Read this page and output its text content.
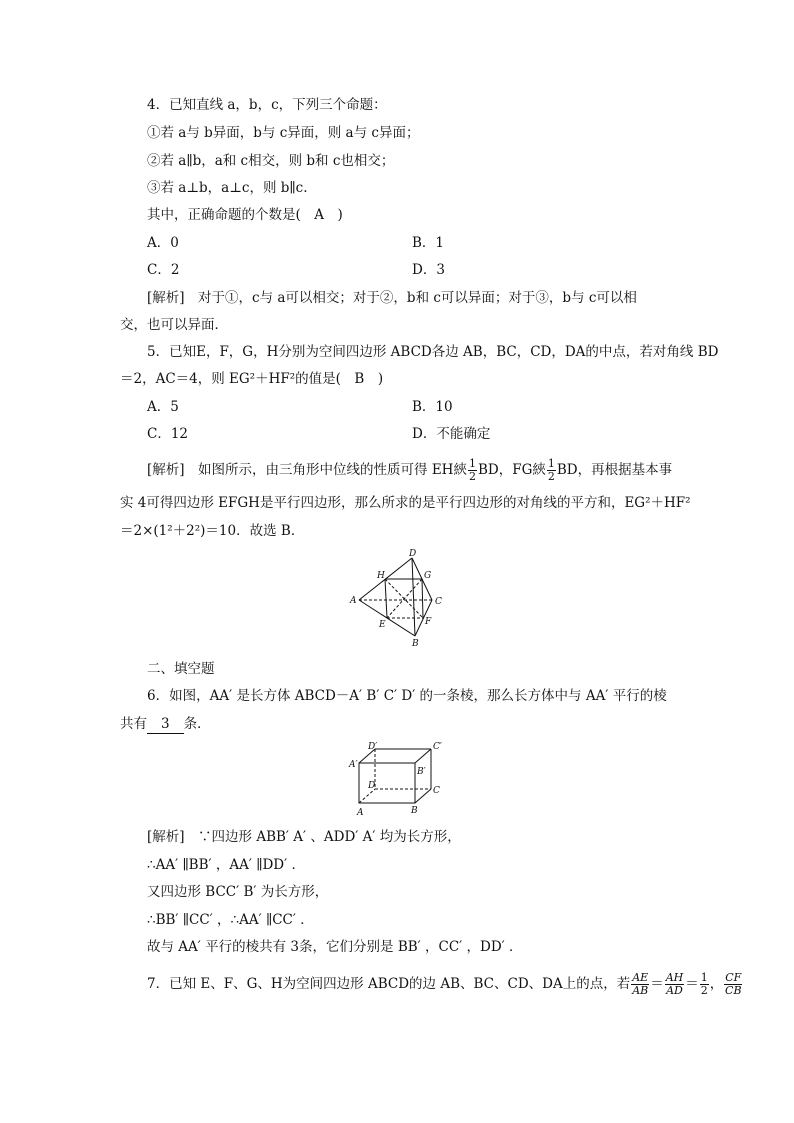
4．已知直线 a，b，c，下列三个命题：
①若 a与 b异面，b与 c异面，则 a与 c异面；
②若 a∥b，a和 c相交，则 b和 c也相交；
③若 a⊥b，a⊥c，则 b∥c.
其中，正确命题的个数是(　A　)
A．0	B．1
C．2	D．3
[解析]　对于①，c与 a可以相交；对于②，b和 c可以异面；对于③，b与 c可以相
交，也可以异面．
5．已知E，F，G，H分别为空间四边形 ABCD各边 AB，BC，CD，DA的中点，若对角线 BD
＝2，AC＝4，则 EG²＋HF²的值是(　B　)
A．5	B．10
C．12	D．不能确定
[解析]　如图所示，由三角形中位线的性质可得 EH綊 $\frac{1}{2}$ BD，FG綊 $\frac{1}{2}$ BD，再根据基本事
实 4可得四边形 EFGH是平行四边形，那么所求的是平行四边形的对角线的平方和，EG²＋HF²
＝2×(1²＋2²)＝10．故选 B．
D
A	C
B
H	G
E	F
二、填空题
6．如图，AA′ 是长方体 ABCD－A′ B′ C′ D′ 的一条棱，那么长方体中与 AA′ 平行的棱
共有 3 条．
D′	C′
A′
B′
D	C
A	B
[解析]　∵四边形 ABB′ A′ 、ADD′ A′ 均为长方形，
∴AA′ ∥BB′ ，AA′ ∥DD′ ．
又四边形 BCC′ B′ 为长方形，
∴BB′ ∥CC′ ，∴AA′ ∥CC′ ．
故与 AA′ 平行的棱共有 3条，它们分别是 BB′ ，CC′ ，DD′ ．
7．已知 E、F、G、H为空间四边形 ABCD的边 AB、BC、CD、DA上的点，若 $\frac{AE}{AB} = \frac{AH}{AD} = \frac{1}{2}$ ， $\frac{CF}{CB}$
